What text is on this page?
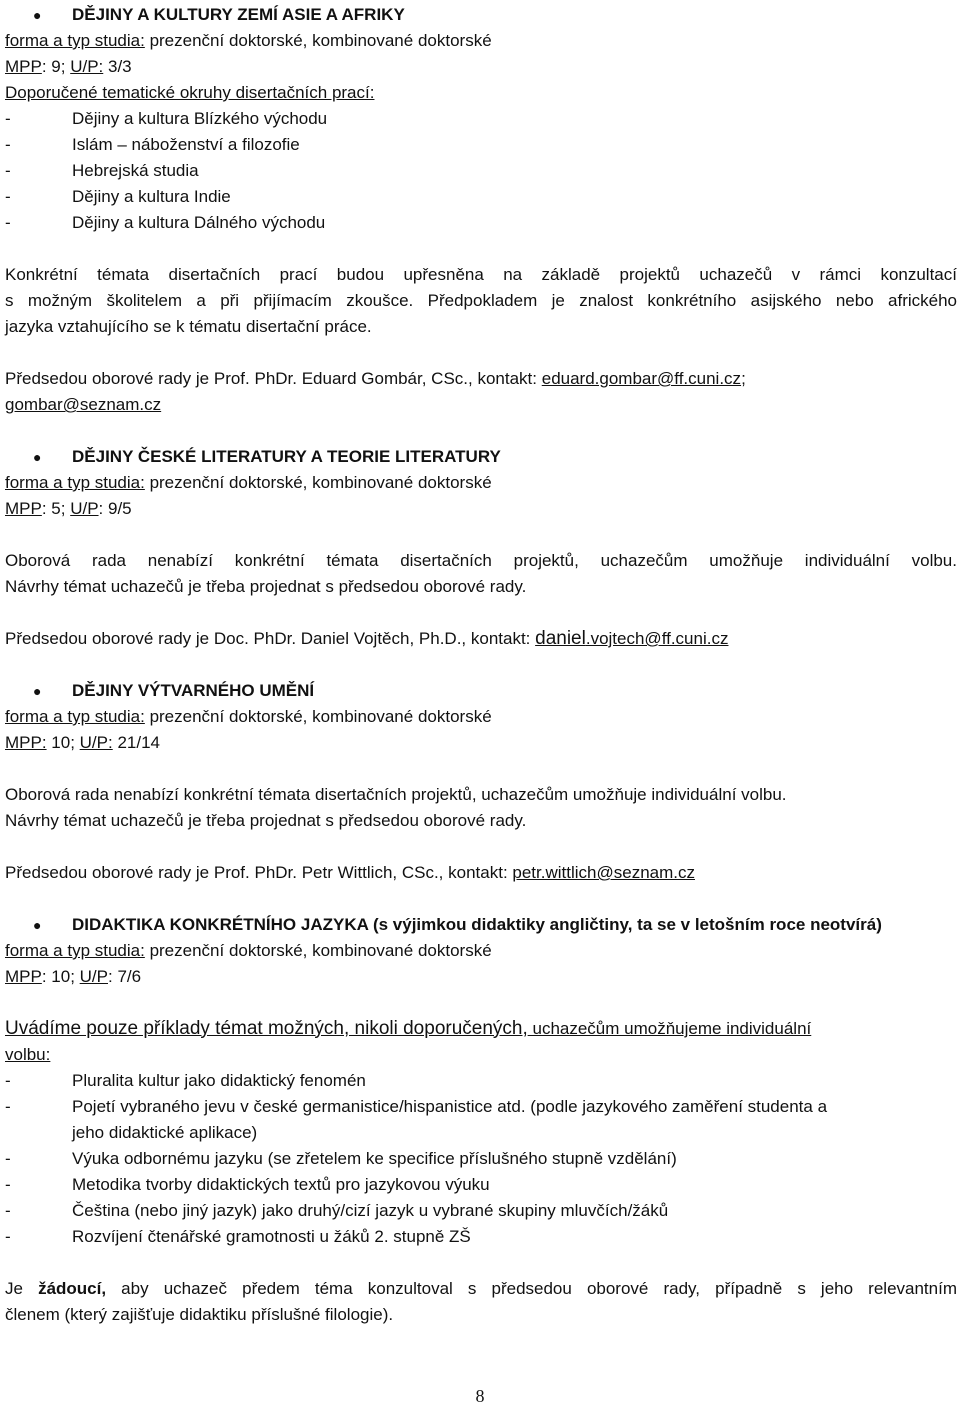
● DĚJINY A KULTURY ZEMÍ ASIE A AFRIKY
forma a typ studia: prezenční doktorské, kombinované doktorské
MPP: 9; U/P: 3/3
Doporučené tematické okruhy disertačních prací:
-	Dějiny a kultura Blízkého východu
-	Islám – náboženství a filozofie
-	Hebrejská studia
-	Dějiny a kultura Indie
-	Dějiny a kultura Dálného východu
Konkrétní témata disertačních prací budou upřesněna na základě projektů uchazečů v rámci konzultací
s možným školitelem a při přijímacím zkoušce. Předpokladem je znalost konkrétního asijského nebo afrického
jazyka vztahujícího se k tématu disertační práce.
Předsedou oborové rady je Prof. PhDr. Eduard Gombár, CSc., kontakt: eduard.gombar@ff.cuni.cz;
gombar@seznam.cz
● DĚJINY ČESKÉ LITERATURY A TEORIE LITERATURY
forma a typ studia: prezenční doktorské, kombinované doktorské
MPP: 5; U/P: 9/5
Oborová rada nenabízí konkrétní témata disertačních projektů, uchazečům umožňuje individuální volbu.
Návrhy témat uchazečů je třeba projednat s předsedou oborové rady.
Předsedou oborové rady je Doc. PhDr. Daniel Vojtěch, Ph.D., kontakt: daniel.vojtech@ff.cuni.cz
● DĚJINY VÝTVARNÉHO UMĚNÍ
forma a typ studia: prezenční doktorské, kombinované doktorské
MPP: 10; U/P: 21/14
Oborová rada nenabízí konkrétní témata disertačních projektů, uchazečům umožňuje individuální volbu.
Návrhy témat uchazečů je třeba projednat s předsedou oborové rady.
Předsedou oborové rady je Prof. PhDr. Petr Wittlich, CSc., kontakt: petr.wittlich@seznam.cz
● DIDAKTIKA KONKRÉTNÍHO JAZYKA (s výjimkou didaktiky angličtiny, ta se v letošním roce neotvírá)
forma a typ studia: prezenční doktorské, kombinované doktorské
MPP: 10; U/P: 7/6
Uvádíme pouze příklady témat možných, nikoli doporučených, uchazečům umožňujeme individuální
volbu:
-	Pluralita kultur jako didaktický fenomén
-	Pojetí vybraného jevu v české germanistice/hispanistice atd. (podle jazykového zaměření studenta a
jeho didaktické aplikace)
-	Výuka odbornému jazyku (se zřetelem ke specifice příslušného stupně vzdělání)
-	Metodika tvorby didaktických textů pro jazykovou výuku
-	Čeština (nebo jiný jazyk) jako druhý/cizí jazyk u vybrané skupiny mluvčích/žáků
-	Rozvíjení čtenářské gramotnosti u žáků 2. stupně ZŠ
Je žádoucí, aby uchazeč předem téma konzultoval s předsedou oborové rady, případně s jeho relevantním
členem (který zajišťuje didaktiku příslušné filologie).
8
